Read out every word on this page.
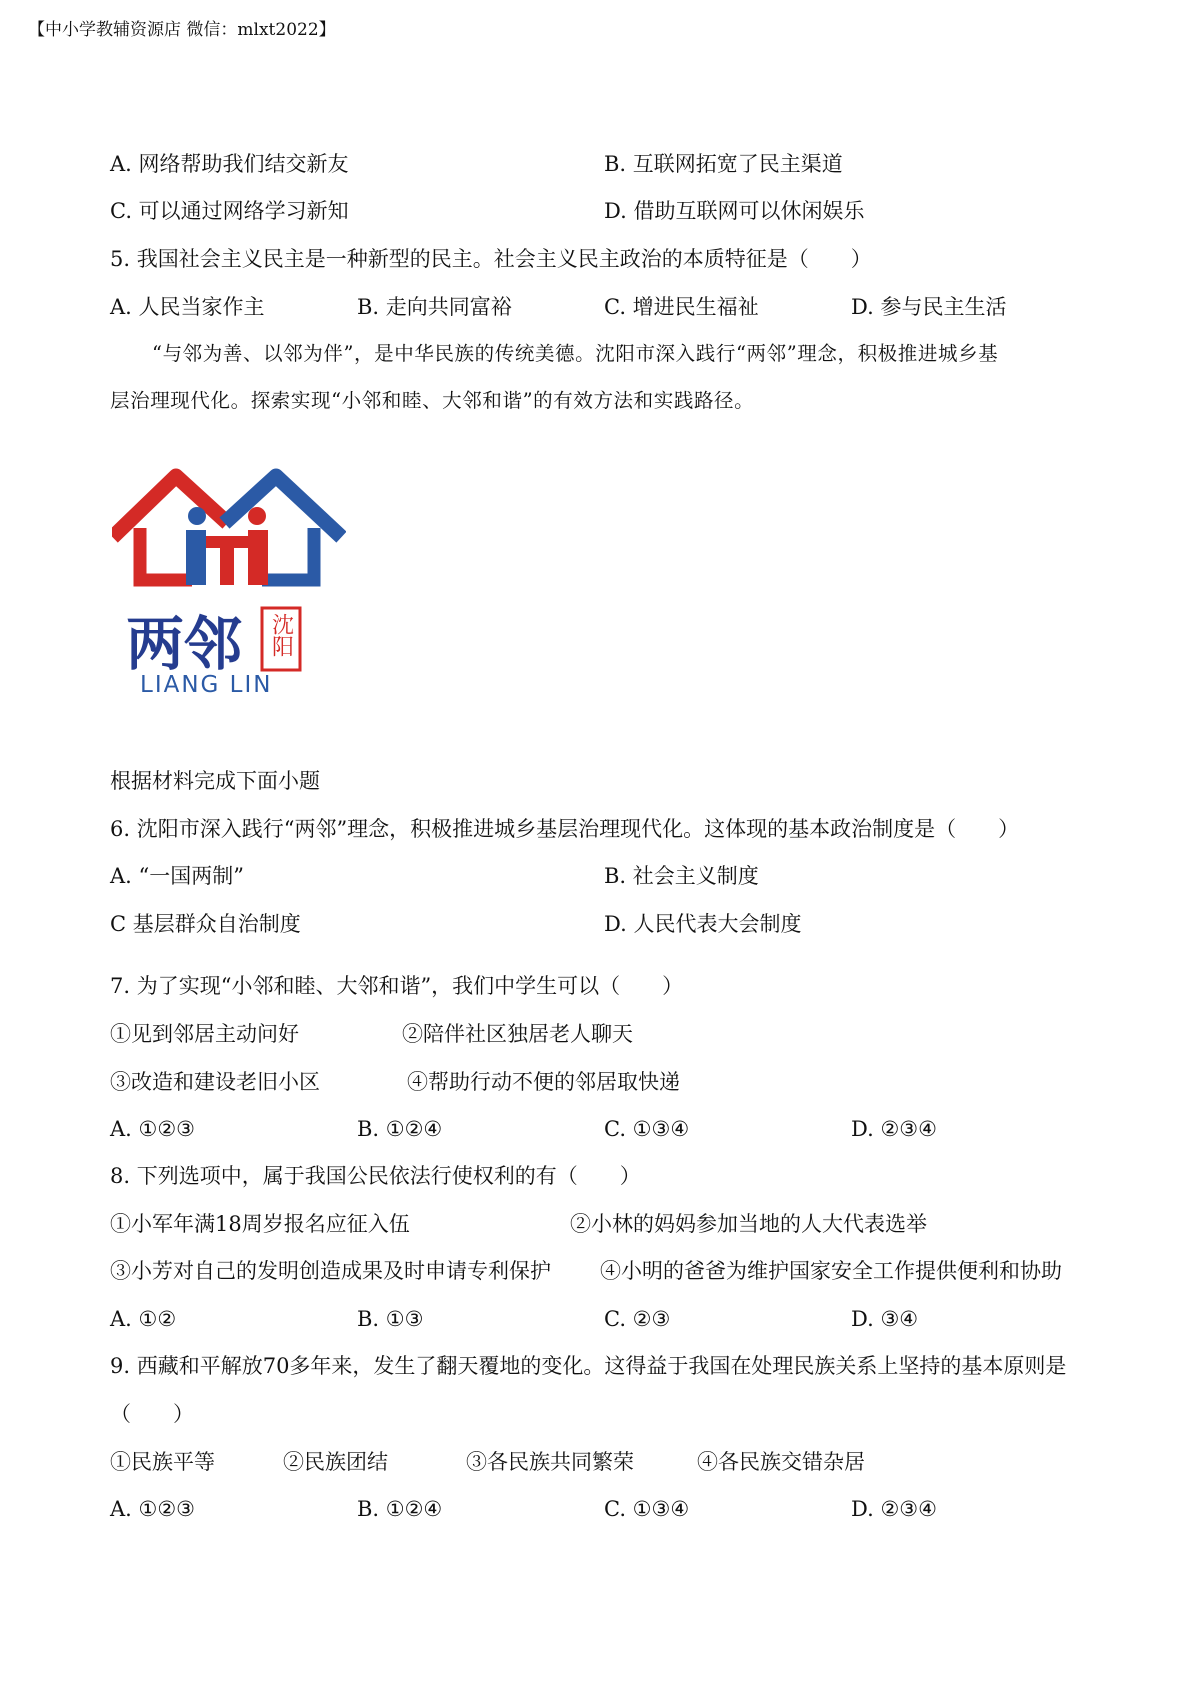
【中小学教辅资源店 微信：mlxt2022】
A. 网络帮助我们结交新友	B. 互联网拓宽了民主渠道
C. 可以通过网络学习新知	D. 借助互联网可以休闲娱乐
5. 我国社会主义民主是一种新型的民主。社会主义民主政治的本质特征是（　　）
A. 人民当家作主	B. 走向共同富裕	C. 增进民生福祉	D. 参与民主生活
“与邻为善、以邻为伴”，是中华民族的传统美德。沈阳市深入践行“两邻”理念，积极推进城乡基
层治理现代化。探索实现“小邻和睦、大邻和谐”的有效方法和实践路径。
两邻 沈阳
LIANG LIN
根据材料完成下面小题
6. 沈阳市深入践行“两邻”理念，积极推进城乡基层治理现代化。这体现的基本政治制度是（　　）
A. “一国两制”	B. 社会主义制度
C 基层群众自治制度	D. 人民代表大会制度
7. 为了实现“小邻和睦、大邻和谐”，我们中学生可以（　　）
①见到邻居主动问好	②陪伴社区独居老人聊天
③改造和建设老旧小区	④帮助行动不便的邻居取快递
A. ①②③	B. ①②④	C. ①③④	D. ②③④
8. 下列选项中，属于我国公民依法行使权利的有（　　）
①小军年满18周岁报名应征入伍	②小林的妈妈参加当地的人大代表选举
③小芳对自己的发明创造成果及时申请专利保护 ④小明的爸爸为维护国家安全工作提供便利和协助
A. ①②	B. ①③	C. ②③	D. ③④
9. 西藏和平解放70多年来，发生了翻天覆地的变化。这得益于我国在处理民族关系上坚持的基本原则是
（　　）
①民族平等	②民族团结	③各民族共同繁荣	④各民族交错杂居
A. ①②③	B. ①②④	C. ①③④	D. ②③④
